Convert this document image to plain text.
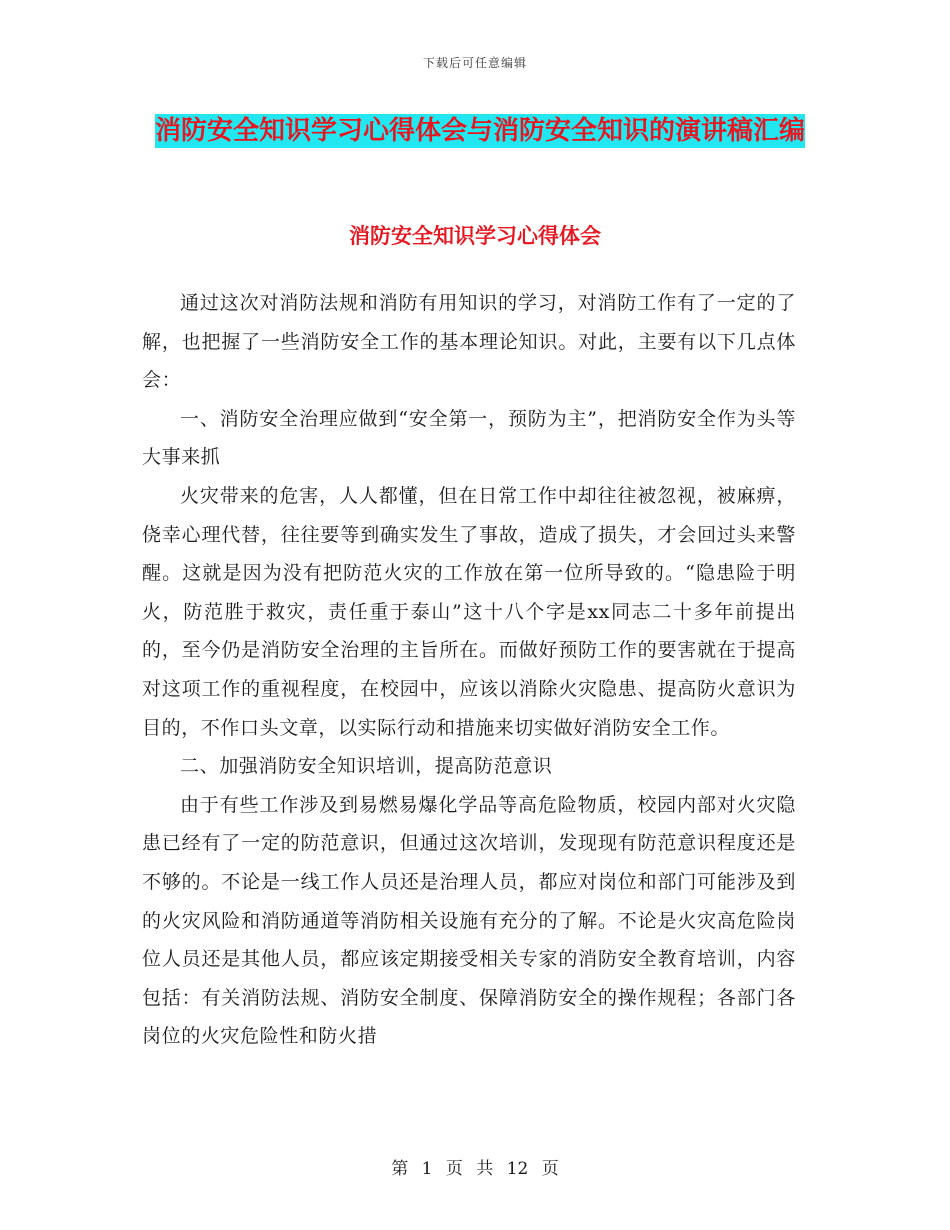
下载后可任意编辑
消防安全知识学习心得体会与消防安全知识的演讲稿汇编
消防安全知识学习心得体会

通过这次对消防法规和消防有用知识的学习，对消防工作有了一定的了解，也把握了一些消防安全工作的基本理论知识。对此，主要有以下几点体会：

一、消防安全治理应做到“安全第一，预防为主”，把消防安全作为头等大事来抓

火灾带来的危害，人人都懂，但在日常工作中却往往被忽视，被麻痹，侥幸心理代替，往往要等到确实发生了事故，造成了损失，才会回过头来警醒。这就是因为没有把防范火灾的工作放在第一位所导致的。“隐患险于明火，防范胜于救灾，责任重于泰山”这十八个字是xx同志二十多年前提出的，至今仍是消防安全治理的主旨所在。而做好预防工作的要害就在于提高对这项工作的重视程度，在校园中，应该以消除火灾隐患、提高防火意识为目的，不作口头文章，以实际行动和措施来切实做好消防安全工作。

二、加强消防安全知识培训，提高防范意识

由于有些工作涉及到易燃易爆化学品等高危险物质，校园内部对火灾隐患已经有了一定的防范意识，但通过这次培训，发现现有防范意识程度还是不够的。不论是一线工作人员还是治理人员，都应对岗位和部门可能涉及到的火灾风险和消防通道等消防相关设施有充分的了解。不论是火灾高危险岗位人员还是其他人员，都应该定期接受相关专家的消防安全教育培训，内容包括：有关消防法规、消防安全制度、保障消防安全的操作规程；各部门各岗位的火灾危险性和防火措

第 1 页 共 12 页
